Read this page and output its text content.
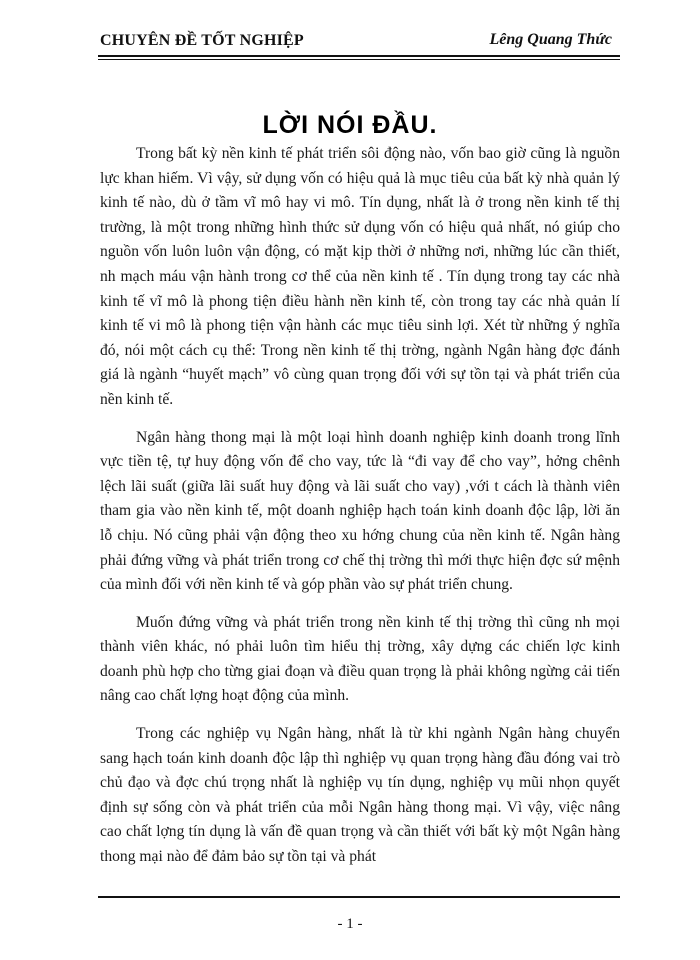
CHUYÊN ĐỀ TỐT NGHIỆP	Lêng Quang Thức
LỜI NÓI ĐẦU.

Trong bất kỳ nền kinh tế phát triển sôi động nào, vốn bao giờ cũng là nguồn lực khan hiếm. Vì vậy, sử dụng vốn có hiệu quả là mục tiêu của bất kỳ nhà quản lý kinh tế nào, dù ở tầm vĩ mô hay vi mô. Tín dụng, nhất là ở trong nền kinh tế thị trường, là một trong những hình thức sử dụng vốn có hiệu quả nhất, nó giúp cho nguồn vốn luôn luôn vận động, có mặt kịp thời ở những nơi, những lúc cần thiết, nh mạch máu vận hành trong cơ thể của nền kinh tế . Tín dụng trong tay các nhà kinh tế vĩ mô là phong tiện điều hành nền kinh tế, còn trong tay các nhà quản lí kinh tế vi mô là phong tiện vận hành các mục tiêu sinh lợi. Xét từ những ý nghĩa đó, nói một cách cụ thể: Trong nền kinh tế thị trờng, ngành Ngân hàng đợc đánh giá là ngành “huyết mạch” vô cùng quan trọng đối với sự tồn tại và phát triển của nền kinh tế.

Ngân hàng thong mại là một loại hình doanh nghiệp kinh doanh trong lĩnh vực tiền tệ, tự huy động vốn để cho vay, tức là “đi vay để cho vay”, hởng chênh lệch lãi suất (giữa lãi suất huy động và lãi suất cho vay) ,với t cách là thành viên tham gia vào nền kinh tế, một doanh nghiệp hạch toán kinh doanh độc lập, lời ăn lỗ chịu. Nó cũng phải vận động theo xu hớng chung của nền kinh tế. Ngân hàng phải đứng vững và phát triển trong cơ chế thị trờng thì mới thực hiện đợc sứ mệnh của mình đối với nền kinh tế và góp phần vào sự phát triển chung.

Muốn đứng vững và phát triển trong nền kinh tế thị trờng thì cũng nh mọi thành viên khác, nó phải luôn tìm hiểu thị trờng, xây dựng các chiến lợc kinh doanh phù hợp cho từng giai đoạn và điều quan trọng là phải không ngừng cải tiến nâng cao chất lợng hoạt động của mình.

Trong các nghiệp vụ Ngân hàng, nhất là từ khi ngành Ngân hàng chuyển sang hạch toán kinh doanh độc lập thì nghiệp vụ quan trọng hàng đầu đóng vai trò chủ đạo và đợc chú trọng nhất là nghiệp vụ tín dụng, nghiệp vụ mũi nhọn quyết định sự sống còn và phát triển của mỗi Ngân hàng thong mại. Vì vậy, việc nâng cao chất lợng tín dụng là vấn đề quan trọng và cần thiết với bất kỳ một Ngân hàng thong mại nào để đảm bảo sự tồn tại và phát

- 1 -
